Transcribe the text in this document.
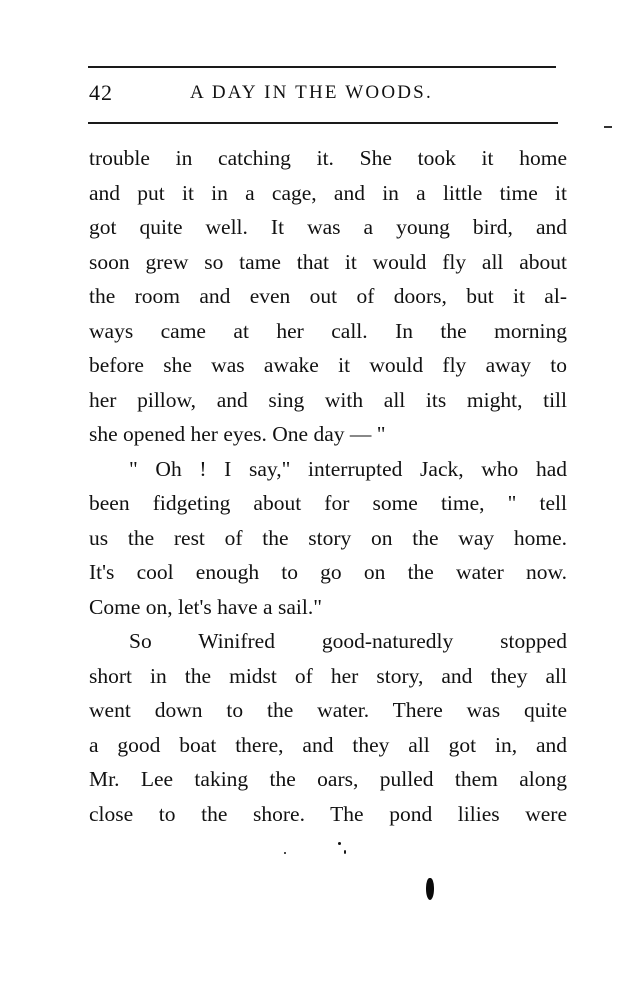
42	A DAY IN THE WOODS.
trouble in catching it. She took it home
and put it in a cage, and in a little time it
got quite well. It was a young bird, and
soon grew so tame that it would fly all about
the room and even out of doors, but it al-
ways came at her call. In the morning
before she was awake it would fly away to
her pillow, and sing with all its might, till
she opened her eyes. One day — "
" Oh ! I say," interrupted Jack, who had
been fidgeting about for some time, " tell
us the rest of the story on the way home.
It's cool enough to go on the water now.
Come on, let's have a sail."
So Winifred good-naturedly stopped
short in the midst of her story, and they all
went down to the water. There was quite
a good boat there, and they all got in, and
Mr. Lee taking the oars, pulled them along
close to the shore. The pond lilies were
